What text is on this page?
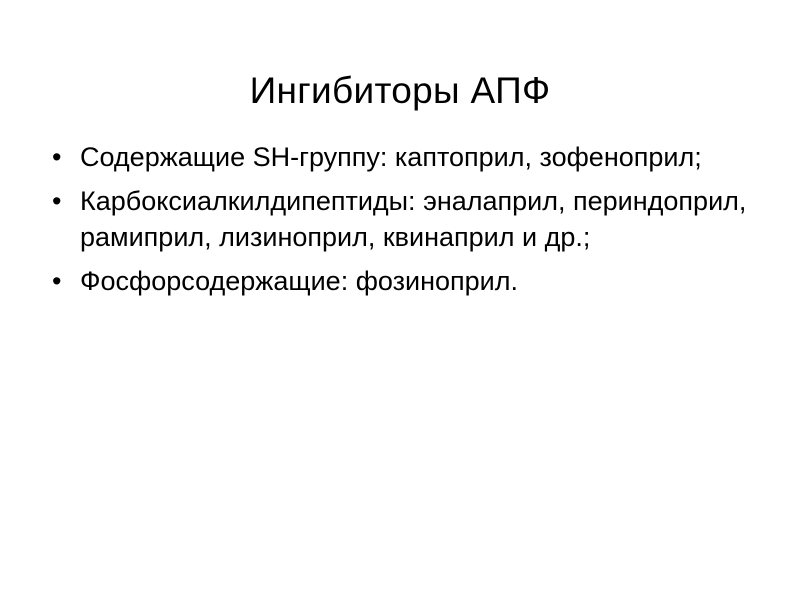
Ингибиторы АПФ
• Содержащие SH-группу: каптоприл, зофеноприл;
• Карбоксиалкилдипептиды: эналаприл, периндоприл, рамиприл, лизиноприл, квинаприл и др.;
• Фосфорсодержащие: фозиноприл.
